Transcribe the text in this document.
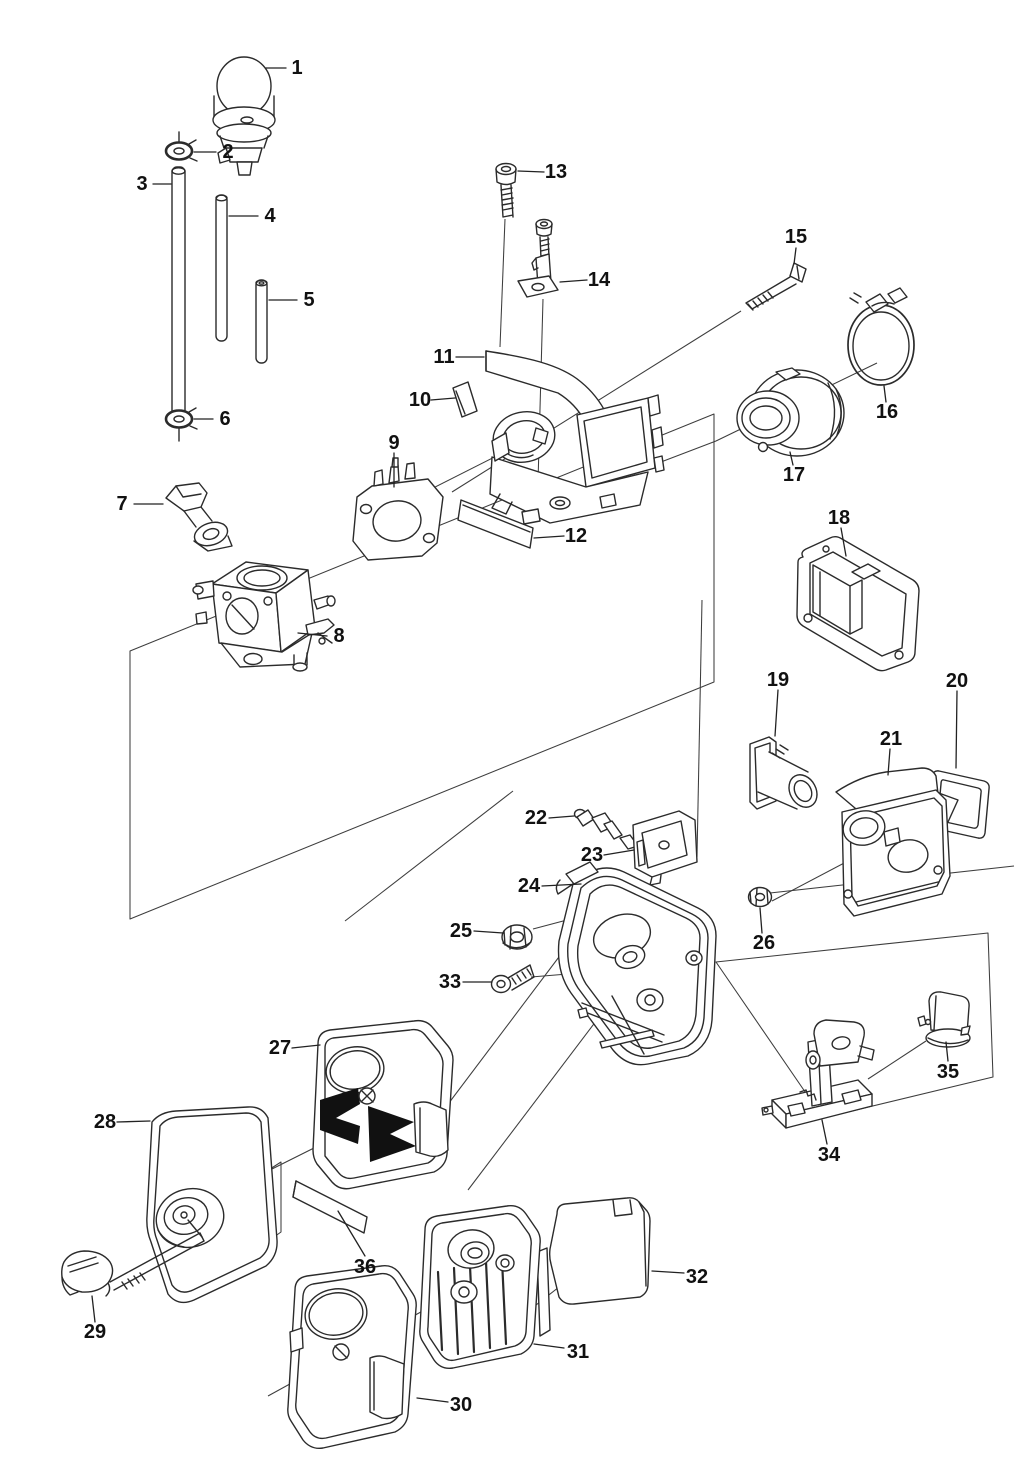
1
2
3
4
5
6
7
8
9
10
11
12
13
14
15
16
17
18
19	20
21
22
23
24
25
26
27
28
29
30
31
32
33
34
35
36
